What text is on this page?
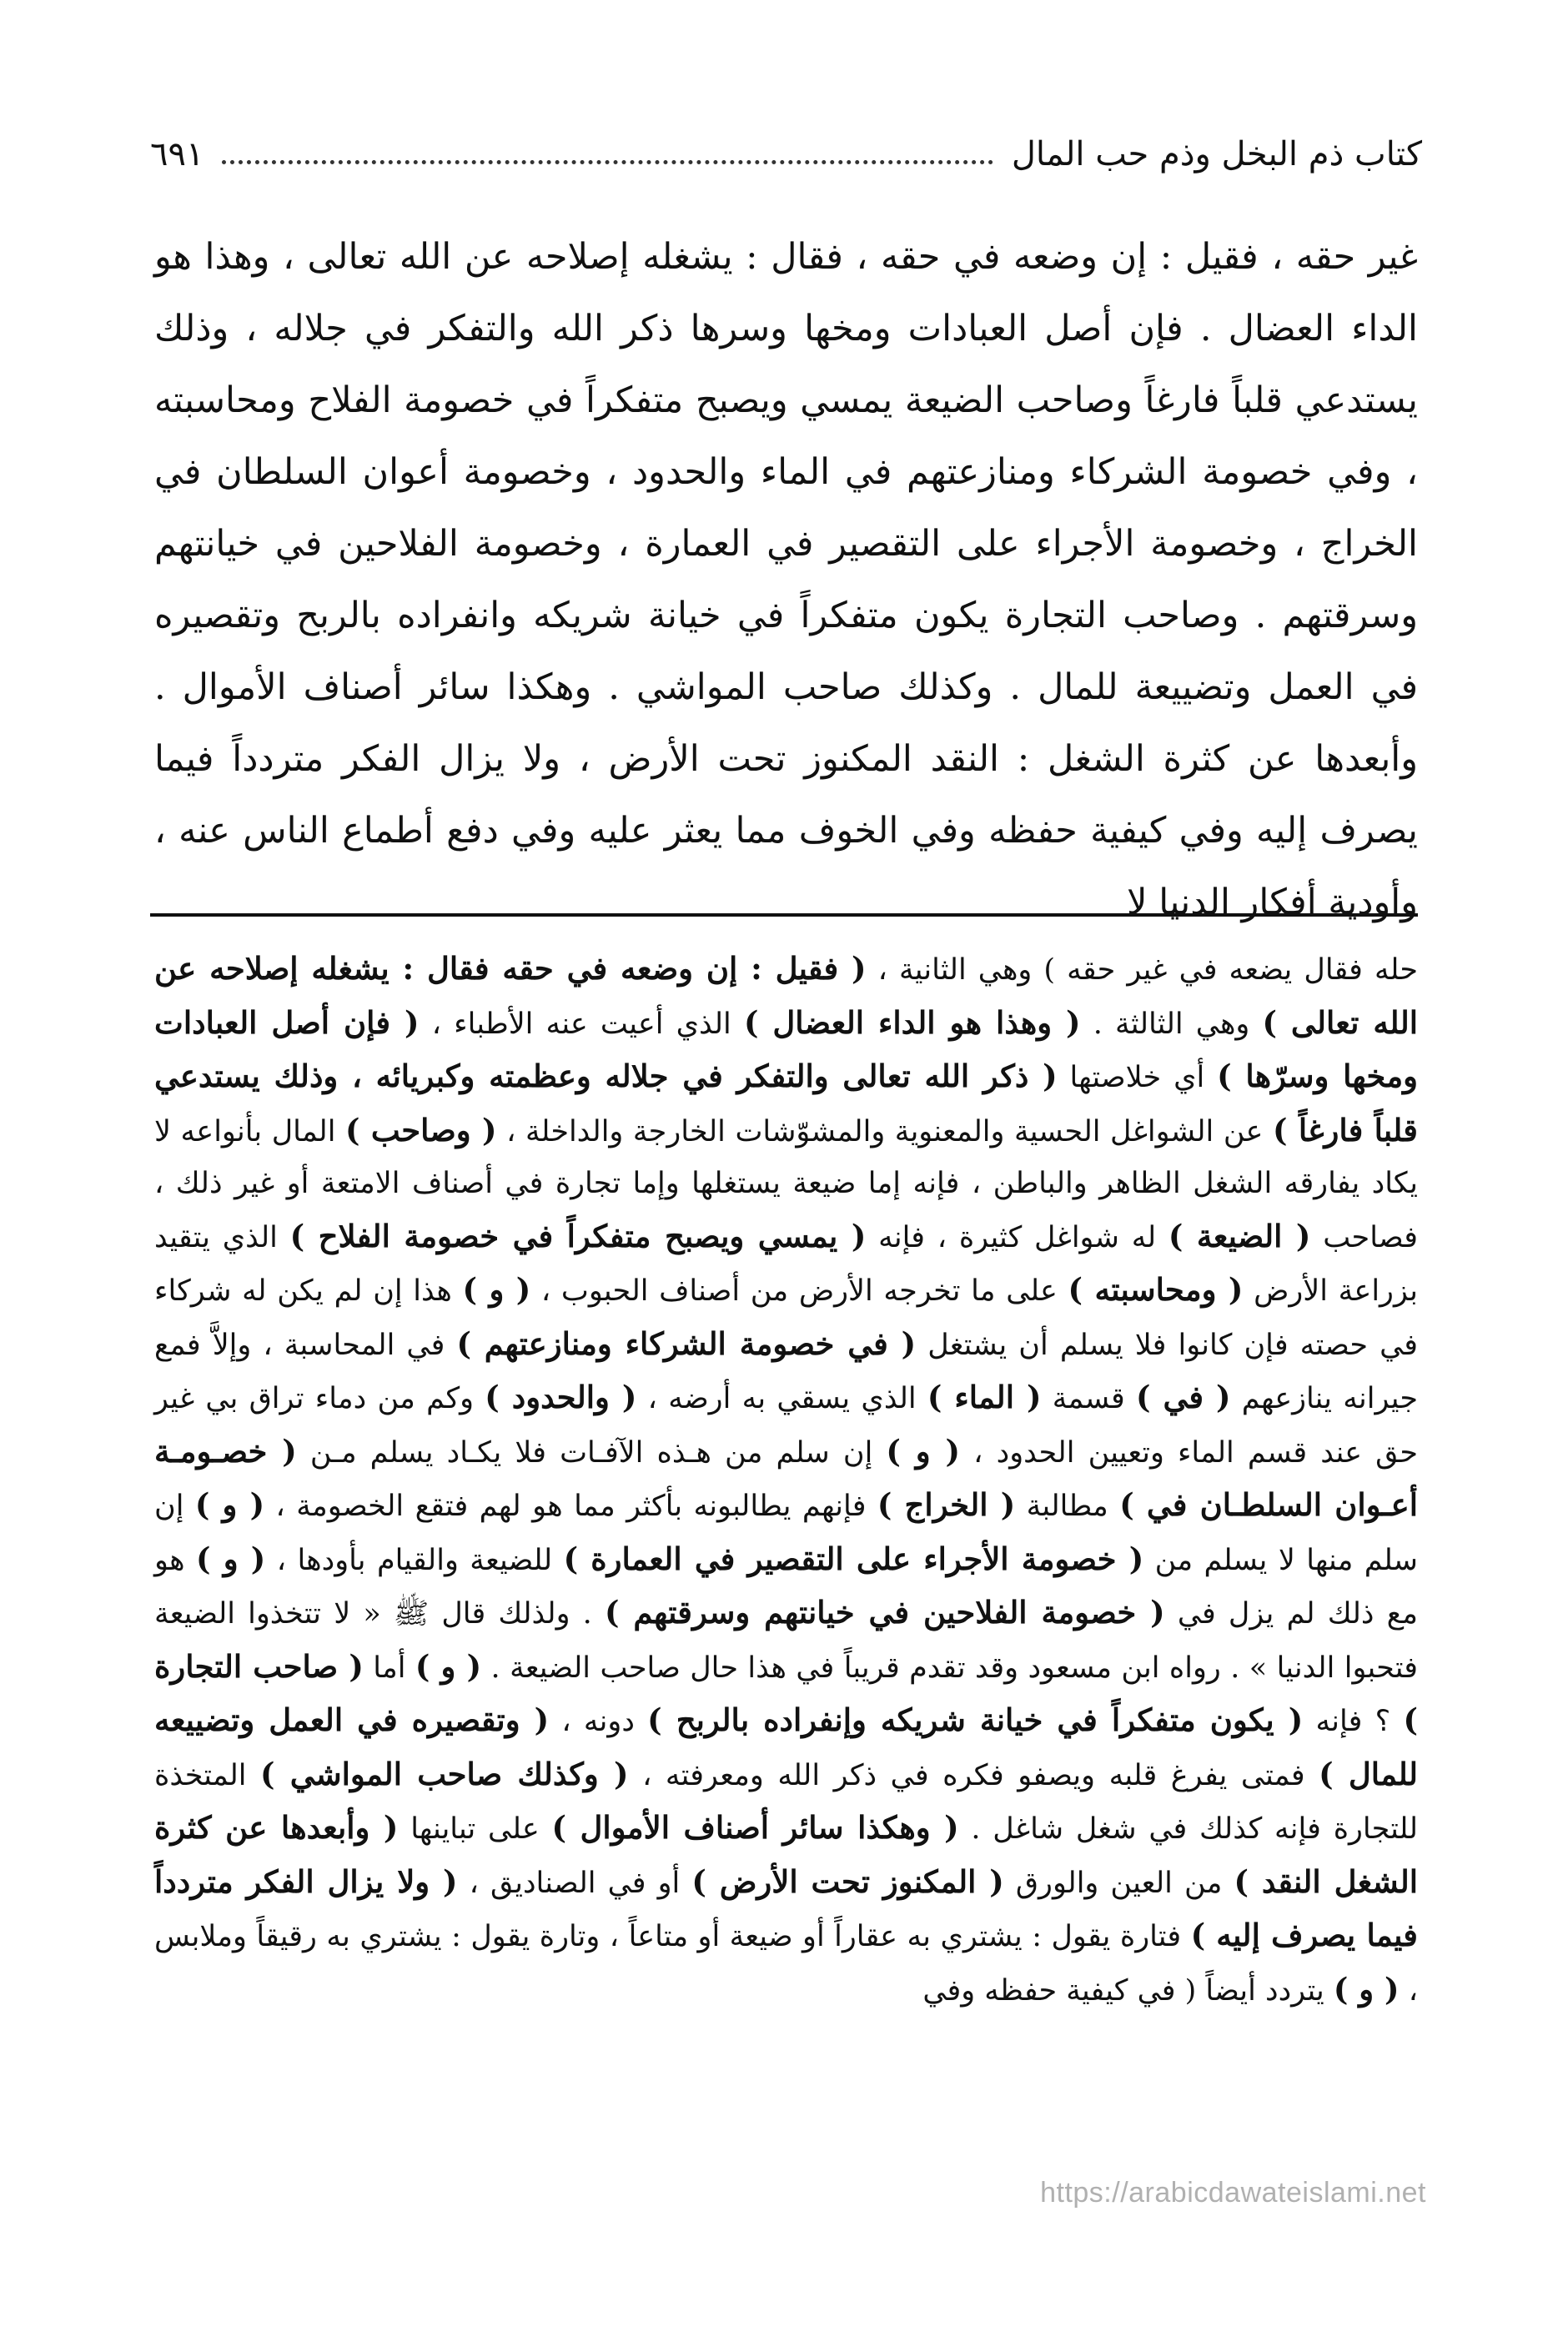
كتاب ذم البخل وذم حب المال
٦٩١

غير حقه ، فقيل : إن وضعه في حقه ، فقال : يشغله إصلاحه عن الله تعالى ، وهذا هو الداء العضال . فإن أصل العبادات ومخها وسرها ذكر الله والتفكر في جلاله ، وذلك يستدعي قلباً فارغاً وصاحب الضيعة يمسي ويصبح متفكراً في خصومة الفلاح ومحاسبته ، وفي خصومة الشركاء ومنازعتهم في الماء والحدود ، وخصومة أعوان السلطان في الخراج ، وخصومة الأجراء على التقصير في العمارة ، وخصومة الفلاحين في خيانتهم وسرقتهم . وصاحب التجارة يكون متفكراً في خيانة شريكه وانفراده بالربح وتقصيره في العمل وتضييعة للمال . وكذلك صاحب المواشي . وهكذا سائر أصناف الأموال . وأبعدها عن كثرة الشغل : النقد المكنوز تحت الأرض ، ولا يزال الفكر متردداً فيما يصرف إليه وفي كيفية حفظه وفي الخوف مما يعثر عليه وفي دفع أطماع الناس عنه ، وأودية أفكار الدنيا لا

حله فقال يضعه في غير حقه ) وهي الثانية ، ( فقيل : إن وضعه في حقه فقال : يشغله إصلاحه عن الله تعالى ) وهي الثالثة . ( وهذا هو الداء العضال ) الذي أعيت عنه الأطباء ، ( فإن أصل العبادات ومخها وسرّها ) أي خلاصتها ( ذكر الله تعالى والتفكر في جلاله وعظمته وكبريائه ، وذلك يستدعي قلباً فارغاً ) عن الشواغل الحسية والمعنوية والمشوّشات الخارجة والداخلة ، ( وصاحب ) المال بأنواعه لا يكاد يفارقه الشغل الظاهر والباطن ، فإنه إما ضيعة يستغلها وإما تجارة في أصناف الامتعة أو غير ذلك ، فصاحب ( الضيعة ) له شواغل كثيرة ، فإنه ( يمسي ويصبح متفكراً في خصومة الفلاح ) الذي يتقيد بزراعة الأرض ( ومحاسبته ) على ما تخرجه الأرض من أصناف الحبوب ، ( و ) هذا إن لم يكن له شركاء في حصته فإن كانوا فلا يسلم أن يشتغل ( في خصومة الشركاء ومنازعتهم ) في المحاسبة ، وإلاَّ فمع جيرانه ينازعهم ( في ) قسمة ( الماء ) الذي يسقي به أرضه ، ( والحدود ) وكم من دماء تراق بي غير حق عند قسم الماء وتعيين الحدود ، ( و ) إن سلم من هـذه الآفـات فلا يكـاد يسلم مـن ( خصـومـة أعـوان السلطـان في ) مطالبة ( الخراج ) فإنهم يطالبونه بأكثر مما هو لهم فتقع الخصومة ، ( و ) إن سلم منها لا يسلم من ( خصومة الأجراء على التقصير في العمارة ) للضيعة والقيام بأودها ، ( و ) هو مع ذلك لم يزل في ( خصومة الفلاحين في خيانتهم وسرقتهم ) . ولذلك قال ﷺ « لا تتخذوا الضيعة فتحبوا الدنيا » . رواه ابن مسعود وقد تقدم قريباً في هذا حال صاحب الضيعة . ( و ) أما ( صاحب التجارة ) ؟ فإنه ( يكون متفكراً في خيانة شريكه وإنفراده بالربح ) دونه ، ( وتقصيره في العمل وتضييعه للمال ) فمتى يفرغ قلبه ويصفو فكره في ذكر الله ومعرفته ، ( وكذلك صاحب المواشي ) المتخذة للتجارة فإنه كذلك في شغل شاغل . ( وهكذا سائر أصناف الأموال ) على تباينها ( وأبعدها عن كثرة الشغل النقد ) من العين والورق ( المكنوز تحت الأرض ) أو في الصناديق ، ( ولا يزال الفكر متردداً فيما يصرف إليه ) فتارة يقول : يشتري به عقاراً أو ضيعة أو متاعاً ، وتارة يقول : يشتري به رقيقاً وملابس ، ( و ) يتردد أيضاً ( في كيفية حفظه وفي

https://arabicdawateislami.net
